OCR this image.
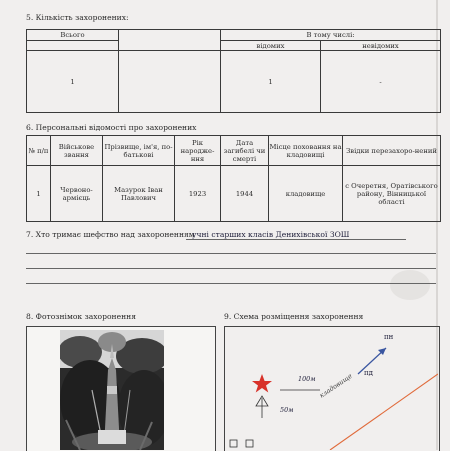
5. Кількість захоронених:
Всього		В тому числі:	
		відомих	невідомих
1		1	-
6. Персональні відомості про захоронених
№ п/п	Військове звання	Прізвище, ім'я, по-батькові	Рік народже-ння	Дата загибелі чи смерті	Місце поховання на кладовищі	Звідки перезахоро-нений
1	Червоно-армієць	Мазурок Іван Павлович	1923	1944	кладовище	с Очеретня, Оратівського району, Вінницької області
7. Хто тримає шефство над захороненням
учні старших класів Денихівської ЗОШ
8. Фотознімок захоронення	9. Схема розміщення захоронення
пн
пд
100м
50м
кладовище
